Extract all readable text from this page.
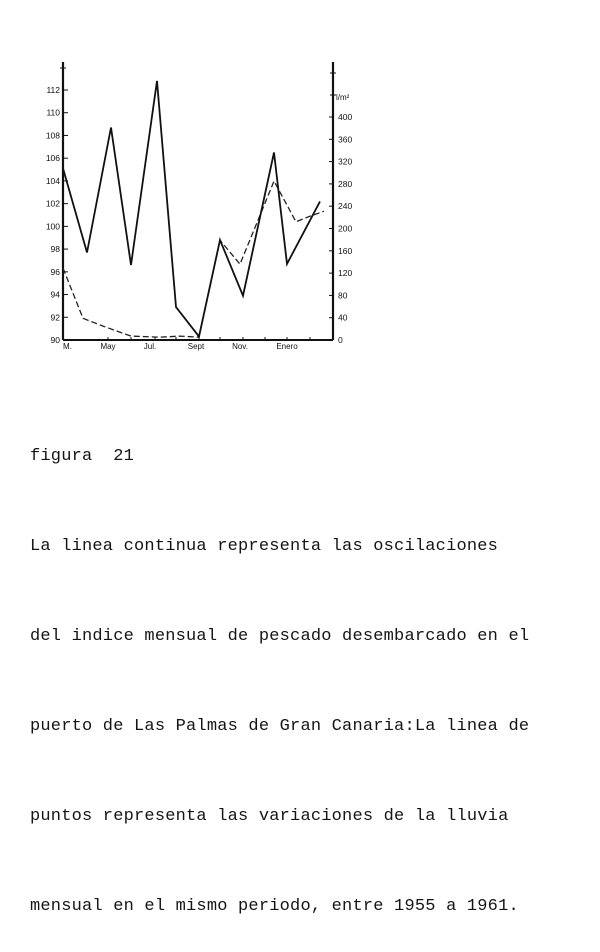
90
92
94
96
98
100
102
104
106
108
110
112
0
40
80
120
160
200
240
280
320
360
400
M.	May	Jul.	Sept	Nov.	Enero
l/m²

figura  21

La linea continua representa las oscilaciones

del indice mensual de pescado desembarcado en el

puerto de Las Palmas de Gran Canaria:La linea de

puntos representa las variaciones de la lluvia

mensual en el mismo periodo, entre 1955 a 1961.
